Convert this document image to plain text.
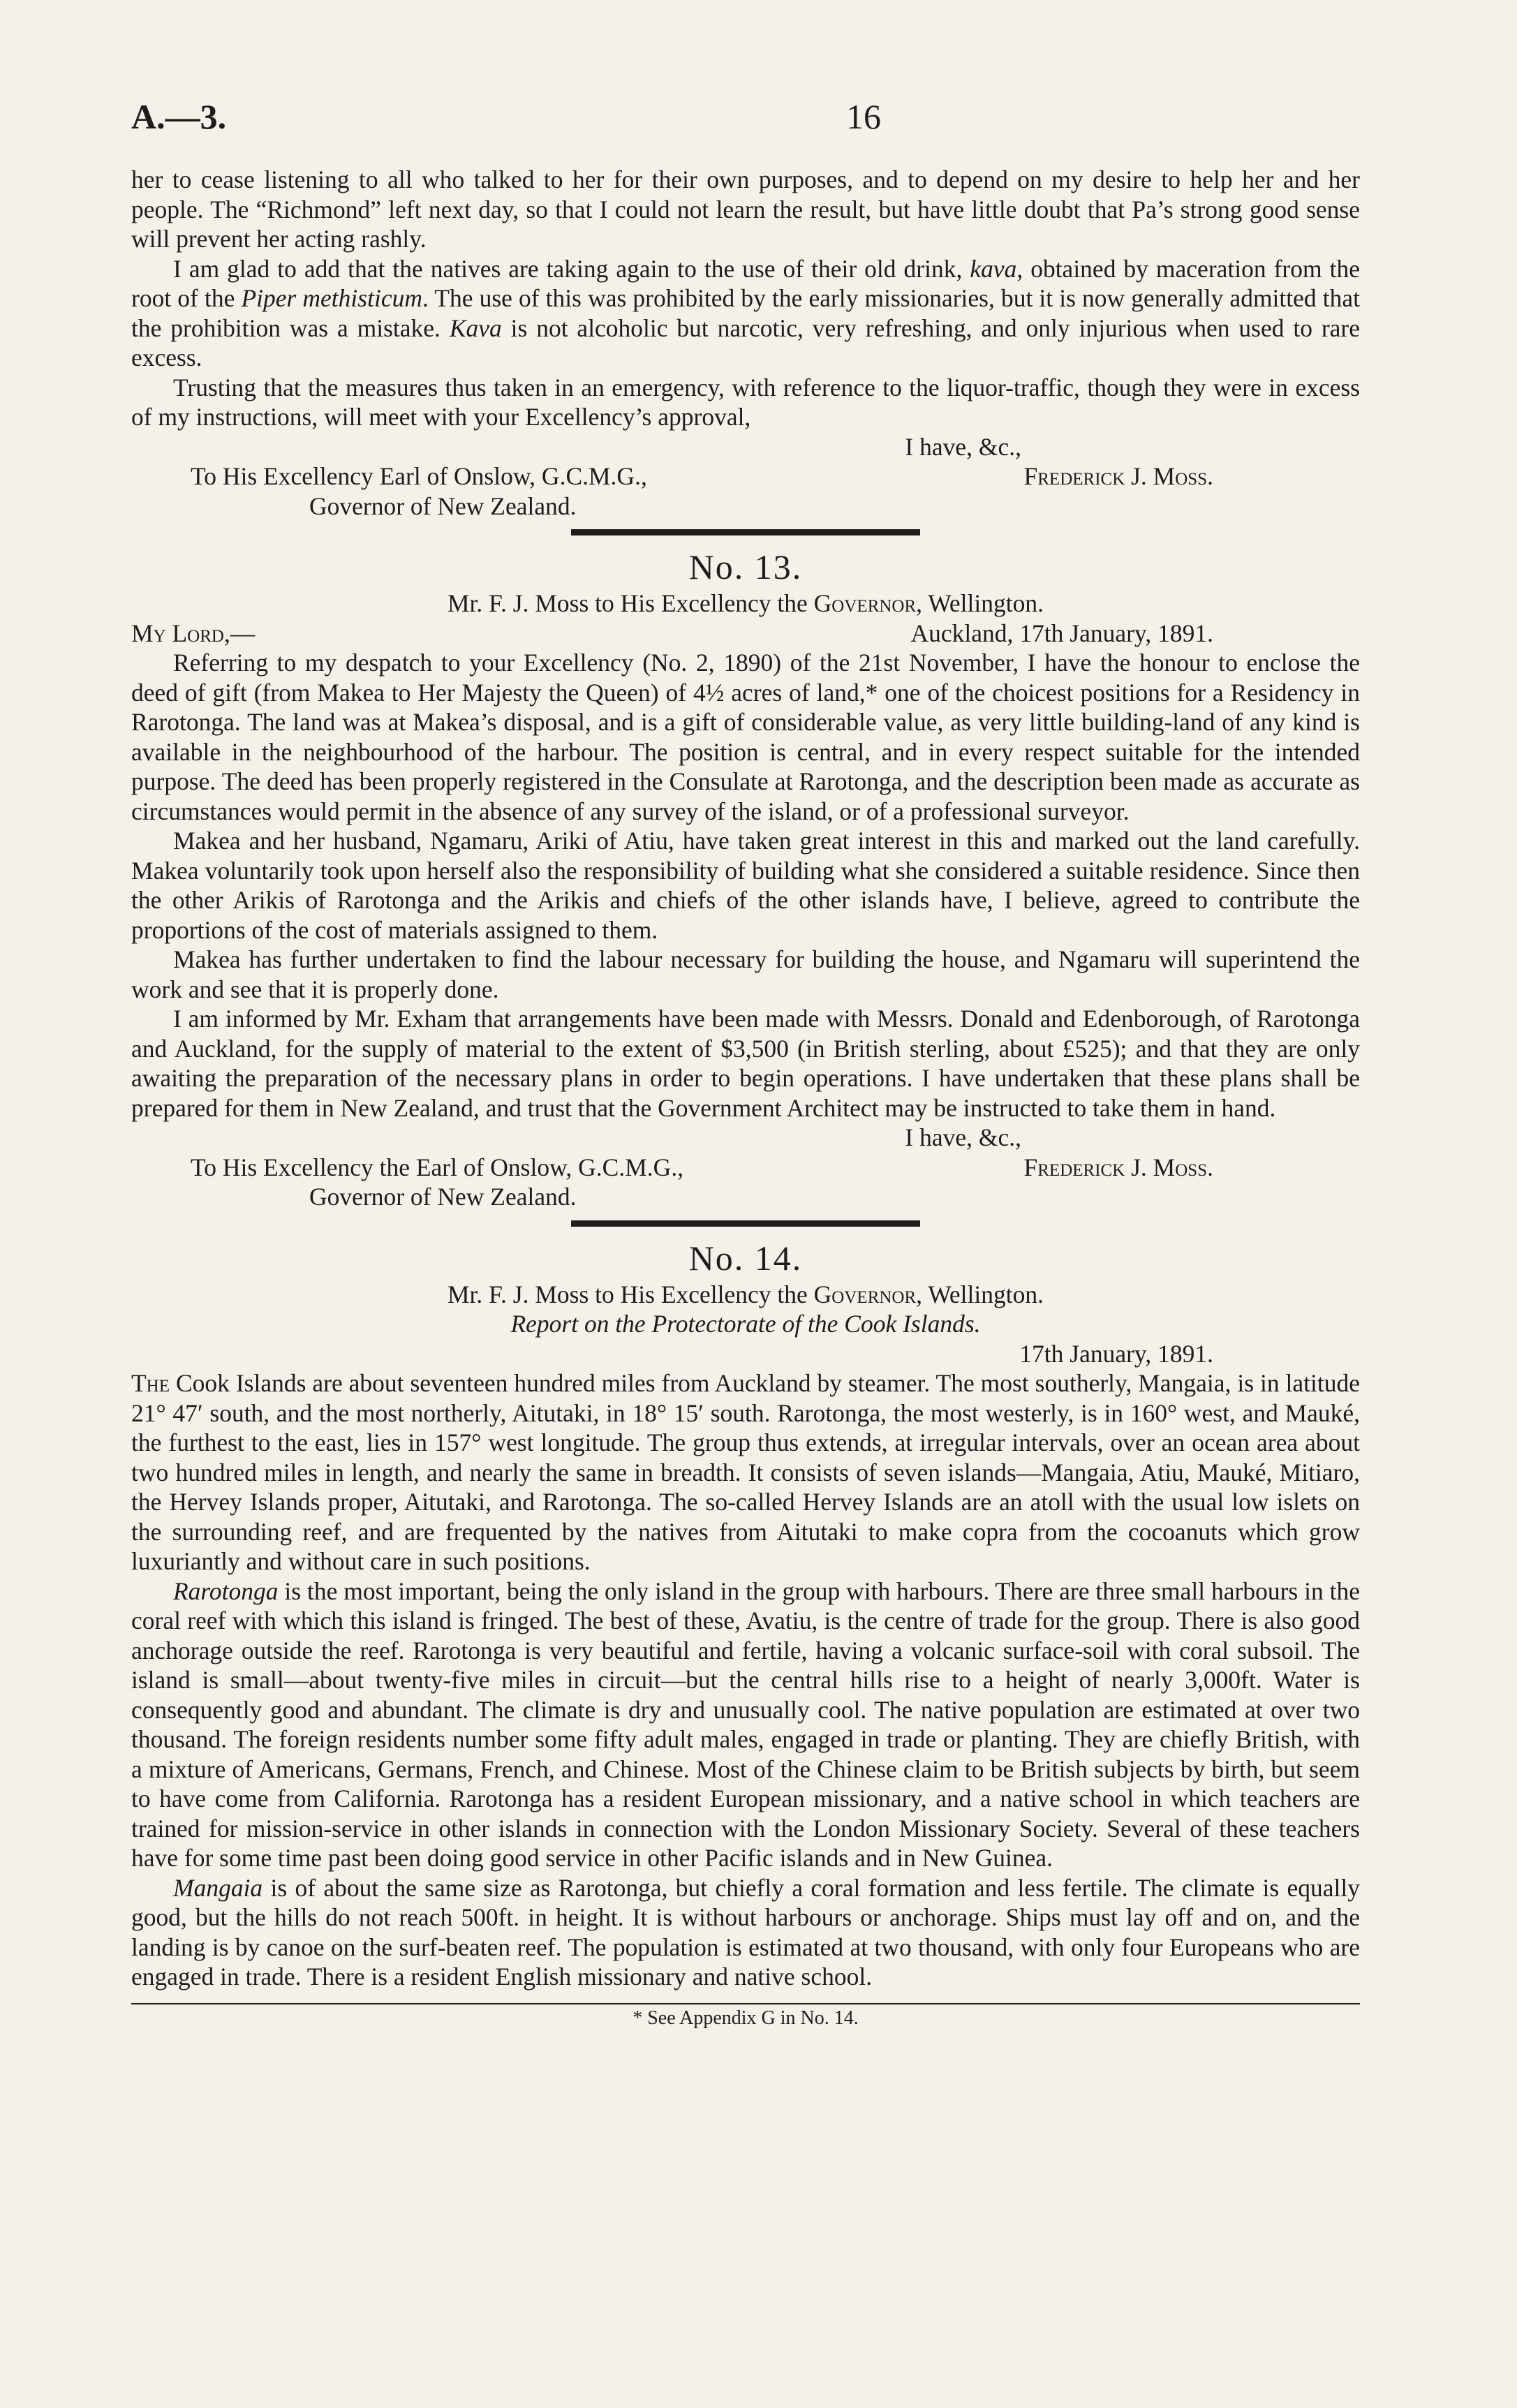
A.—3.	16

her to cease listening to all who talked to her for their own purposes, and to depend on my desire to help her and her people. The “Richmond” left next day, so that I could not learn the result, but have little doubt that Pa’s strong good sense will prevent her acting rashly.

I am glad to add that the natives are taking again to the use of their old drink, kava, obtained by maceration from the root of the Piper methisticum. The use of this was prohibited by the early missionaries, but it is now generally admitted that the prohibition was a mistake. Kava is not alcoholic but narcotic, very refreshing, and only injurious when used to rare excess.

Trusting that the measures thus taken in an emergency, with reference to the liquor-traffic, though they were in excess of my instructions, will meet with your Excellency’s approval,

I have, &c.,
To His Excellency Earl of Onslow, G.C.M.G.,	Frederick J. Moss.
Governor of New Zealand.
No. 13.
Mr. F. J. Moss to His Excellency the Governor, Wellington.
My Lord,—	Auckland, 17th January, 1891.

Referring to my despatch to your Excellency (No. 2, 1890) of the 21st November, I have the honour to enclose the deed of gift (from Makea to Her Majesty the Queen) of 4½ acres of land,* one of the choicest positions for a Residency in Rarotonga. The land was at Makea’s disposal, and is a gift of considerable value, as very little building-land of any kind is available in the neighbourhood of the harbour. The position is central, and in every respect suitable for the intended purpose. The deed has been properly registered in the Consulate at Rarotonga, and the description been made as accurate as circumstances would permit in the absence of any survey of the island, or of a professional surveyor.

Makea and her husband, Ngamaru, Ariki of Atiu, have taken great interest in this and marked out the land carefully. Makea voluntarily took upon herself also the responsibility of building what she considered a suitable residence. Since then the other Arikis of Rarotonga and the Arikis and chiefs of the other islands have, I believe, agreed to contribute the proportions of the cost of materials assigned to them.

Makea has further undertaken to find the labour necessary for building the house, and Ngamaru will superintend the work and see that it is properly done.

I am informed by Mr. Exham that arrangements have been made with Messrs. Donald and Edenborough, of Rarotonga and Auckland, for the supply of material to the extent of $3,500 (in British sterling, about £525); and that they are only awaiting the preparation of the necessary plans in order to begin operations. I have undertaken that these plans shall be prepared for them in New Zealand, and trust that the Government Architect may be instructed to take them in hand.

I have, &c.,
To His Excellency the Earl of Onslow, G.C.M.G.,	Frederick J. Moss.
Governor of New Zealand.
No. 14.
Mr. F. J. Moss to His Excellency the Governor, Wellington.
Report on the Protectorate of the Cook Islands.
17th January, 1891.

The Cook Islands are about seventeen hundred miles from Auckland by steamer. The most southerly, Mangaia, is in latitude 21° 47′ south, and the most northerly, Aitutaki, in 18° 15′ south. Rarotonga, the most westerly, is in 160° west, and Mauké, the furthest to the east, lies in 157° west longitude. The group thus extends, at irregular intervals, over an ocean area about two hundred miles in length, and nearly the same in breadth. It consists of seven islands—Mangaia, Atiu, Mauké, Mitiaro, the Hervey Islands proper, Aitutaki, and Rarotonga. The so-called Hervey Islands are an atoll with the usual low islets on the surrounding reef, and are frequented by the natives from Aitutaki to make copra from the cocoanuts which grow luxuriantly and without care in such positions.

Rarotonga is the most important, being the only island in the group with harbours. There are three small harbours in the coral reef with which this island is fringed. The best of these, Avatiu, is the centre of trade for the group. There is also good anchorage outside the reef. Rarotonga is very beautiful and fertile, having a volcanic surface-soil with coral subsoil. The island is small—about twenty-five miles in circuit—but the central hills rise to a height of nearly 3,000ft. Water is consequently good and abundant. The climate is dry and unusually cool. The native population are estimated at over two thousand. The foreign residents number some fifty adult males, engaged in trade or planting. They are chiefly British, with a mixture of Americans, Germans, French, and Chinese. Most of the Chinese claim to be British subjects by birth, but seem to have come from California. Rarotonga has a resident European missionary, and a native school in which teachers are trained for mission-service in other islands in connection with the London Missionary Society. Several of these teachers have for some time past been doing good service in other Pacific islands and in New Guinea.

Mangaia is of about the same size as Rarotonga, but chiefly a coral formation and less fertile. The climate is equally good, but the hills do not reach 500ft. in height. It is without harbours or anchorage. Ships must lay off and on, and the landing is by canoe on the surf-beaten reef. The population is estimated at two thousand, with only four Europeans who are engaged in trade. There is a resident English missionary and native school.

* See Appendix G in No. 14.
